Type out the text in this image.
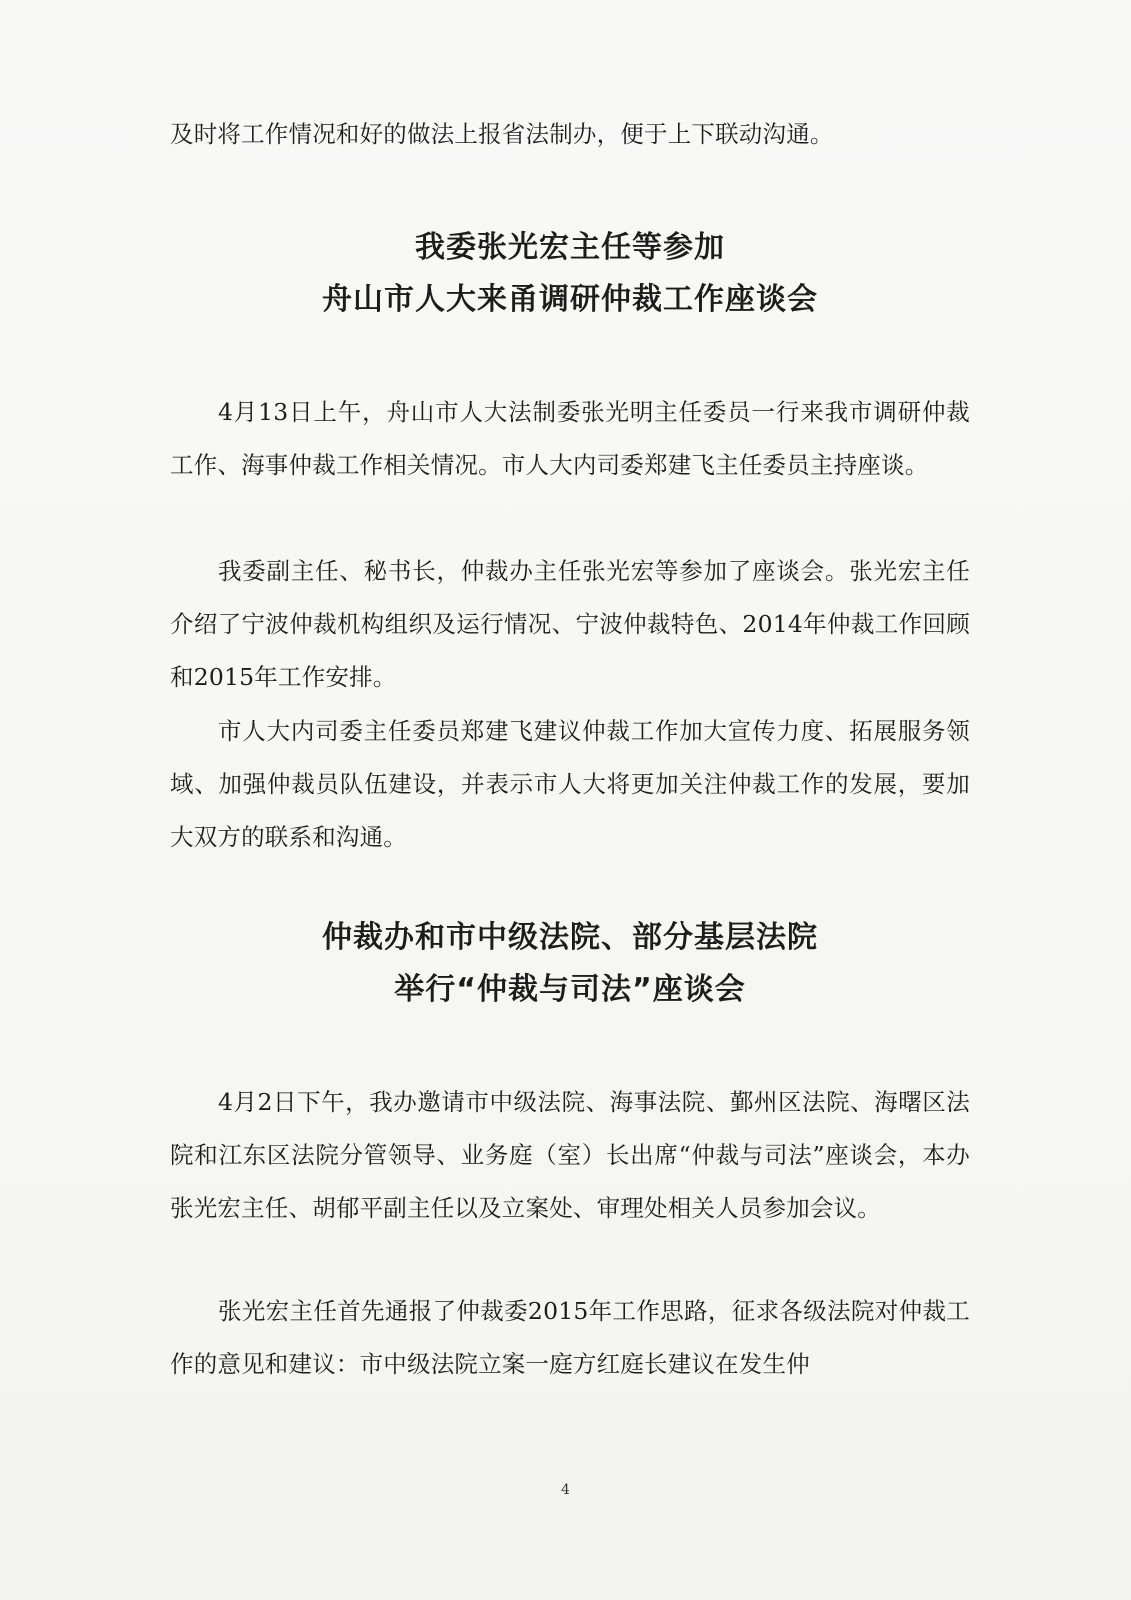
及时将工作情况和好的做法上报省法制办，便于上下联动沟通。

我委张光宏主任等参加
舟山市人大来甬调研仲裁工作座谈会

4月13日上午，舟山市人大法制委张光明主任委员一行来我市调研仲裁工作、海事仲裁工作相关情况。市人大内司委郑建飞主任委员主持座谈。

我委副主任、秘书长，仲裁办主任张光宏等参加了座谈会。张光宏主任介绍了宁波仲裁机构组织及运行情况、宁波仲裁特色、2014年仲裁工作回顾和2015年工作安排。

市人大内司委主任委员郑建飞建议仲裁工作加大宣传力度、拓展服务领域、加强仲裁员队伍建设，并表示市人大将更加关注仲裁工作的发展，要加大双方的联系和沟通。

仲裁办和市中级法院、部分基层法院
举行“仲裁与司法”座谈会

4月2日下午，我办邀请市中级法院、海事法院、鄞州区法院、海曙区法院和江东区法院分管领导、业务庭（室）长出席“仲裁与司法”座谈会，本办张光宏主任、胡郁平副主任以及立案处、审理处相关人员参加会议。

张光宏主任首先通报了仲裁委2015年工作思路，征求各级法院对仲裁工作的意见和建议：市中级法院立案一庭方红庭长建议在发生仲

4
